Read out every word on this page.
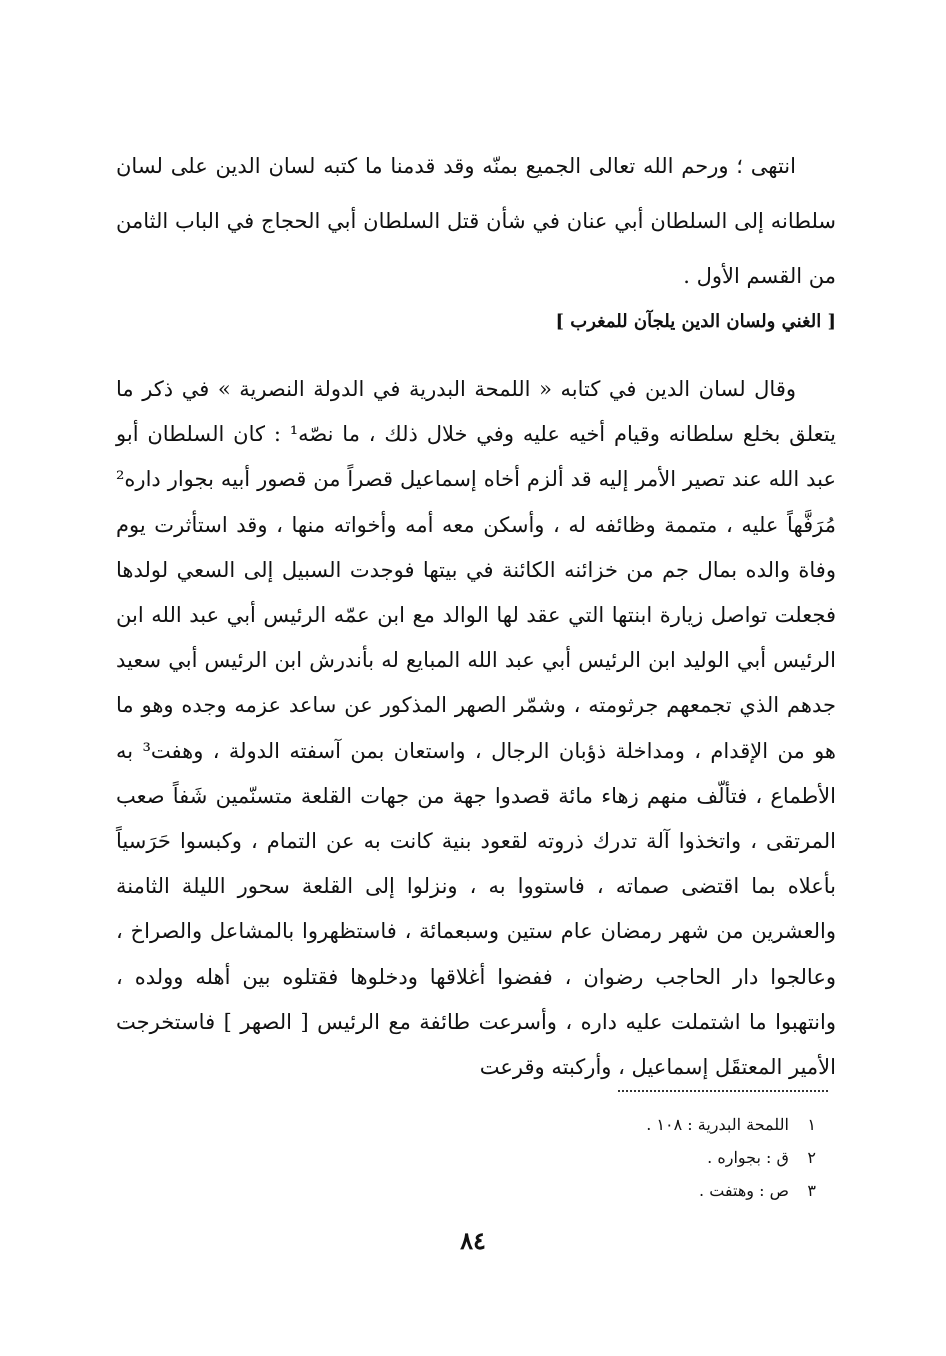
انتهى ؛ ورحم الله تعالى الجميع بمنّه وقد قدمنا ما كتبه لسان الدين على لسان سلطانه إلى السلطان أبي عنان في شأن قتل السلطان أبي الحجاج في الباب الثامن من القسم الأول .

[ الغني ولسان الدين يلجآن للمغرب ]

وقال لسان الدين في كتابه « اللمحة البدرية في الدولة النصرية » في ذكر ما يتعلق بخلع سلطانه وقيام أخيه عليه وفي خلال ذلك ، ما نصّه¹ : كان السلطان أبو عبد الله عند تصير الأمر إليه قد ألزم أخاه إسماعيل قصراً من قصور أبيه بجوار داره² مُرَفَّهاً عليه ، متممة وظائفه له ، وأسكن معه أمه وأخواته منها ، وقد استأثرت يوم وفاة والده بمال جم من خزائنه الكائنة في بيتها فوجدت السبيل إلى السعي لولدها فجعلت تواصل زيارة ابنتها التي عقد لها الوالد مع ابن عمّه الرئيس أبي عبد الله ابن الرئيس أبي الوليد ابن الرئيس أبي عبد الله المبايع له بأندرش ابن الرئيس أبي سعيد جدهم الذي تجمعهم جرثومته ، وشمّر الصهر المذكور عن ساعد عزمه وجده وهو ما هو من الإقدام ، ومداخلة ذؤبان الرجال ، واستعان بمن آسفته الدولة ، وهفت³ به الأطماع ، فتألّف منهم زهاء مائة قصدوا جهة من جهات القلعة متسنّمين شَفاً صعب المرتقى ، واتخذوا آلة تدرك ذروته لقعود بنية كانت به عن التمام ، وكبسوا حَرَسياً بأعلاه بما اقتضى صماته ، فاستووا به ، ونزلوا إلى القلعة سحور الليلة الثامنة والعشرين من شهر رمضان عام ستين وسبعمائة ، فاستظهروا بالمشاعل والصراخ ، وعالجوا دار الحاجب رضوان ، ففضوا أغلاقها ودخلوها فقتلوه بين أهله وولده ، وانتهبوا ما اشتملت عليه داره ، وأسرعت طائفة مع الرئيس [ الصهر ] فاستخرجت الأمير المعتقَل إسماعيل ، وأركبته وقرعت

١ اللمحة البدرية : ١٠٨ .
٢ ق : بجواره .
٣ ص : وهتفت .
٨٤
